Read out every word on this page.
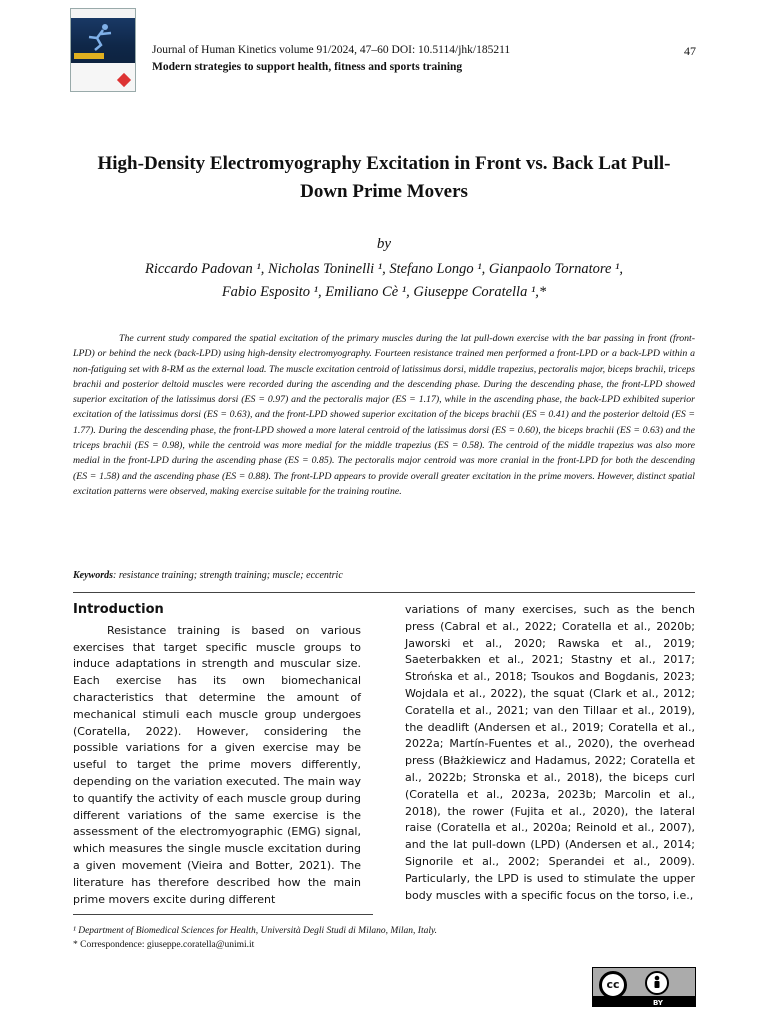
Journal of Human Kinetics volume 91/2024, 47–60 DOI: 10.5114/jhk/185211
Modern strategies to support health, fitness and sports training
47
High-Density Electromyography Excitation in Front vs. Back Lat Pull-Down Prime Movers
by
Riccardo Padovan ¹, Nicholas Toninelli ¹, Stefano Longo ¹, Gianpaolo Tornatore ¹,
Fabio Esposito ¹, Emiliano Cè ¹, Giuseppe Coratella ¹,*

The current study compared the spatial excitation of the primary muscles during the lat pull-down exercise with the bar passing in front (front-LPD) or behind the neck (back-LPD) using high-density electromyography. Fourteen resistance trained men performed a front-LPD or a back-LPD within a non-fatiguing set with 8-RM as the external load. The muscle excitation centroid of latissimus dorsi, middle trapezius, pectoralis major, biceps brachii, triceps brachii and posterior deltoid muscles were recorded during the ascending and the descending phase. During the descending phase, the front-LPD showed superior excitation of the latissimus dorsi (ES = 0.97) and the pectoralis major (ES = 1.17), while in the ascending phase, the back-LPD exhibited superior excitation of the latissimus dorsi (ES = 0.63), and the front-LPD showed superior excitation of the biceps brachii (ES = 0.41) and the posterior deltoid (ES = 1.77). During the descending phase, the front-LPD showed a more lateral centroid of the latissimus dorsi (ES = 0.60), the biceps brachii (ES = 0.63) and the triceps brachii (ES = 0.98), while the centroid was more medial for the middle trapezius (ES = 0.58). The centroid of the middle trapezius was also more medial in the front-LPD during the ascending phase (ES = 0.85). The pectoralis major centroid was more cranial in the front-LPD for both the descending (ES = 1.58) and the ascending phase (ES = 0.88). The front-LPD appears to provide overall greater excitation in the prime movers. However, distinct spatial excitation patterns were observed, making exercise suitable for the training routine.

Keywords: resistance training; strength training; muscle; eccentric
Introduction

Resistance training is based on various exercises that target specific muscle groups to induce adaptations in strength and muscular size. Each exercise has its own biomechanical characteristics that determine the amount of mechanical stimuli each muscle group undergoes (Coratella, 2022). However, considering the possible variations for a given exercise may be useful to target the prime movers differently, depending on the variation executed. The main way to quantify the activity of each muscle group during different variations of the same exercise is the assessment of the electromyographic (EMG) signal, which measures the single muscle excitation during a given movement (Vieira and Botter, 2021). The literature has therefore described how the main prime movers excite during different

variations of many exercises, such as the bench press (Cabral et al., 2022; Coratella et al., 2020b; Jaworski et al., 2020; Rawska et al., 2019; Saeterbakken et al., 2021; Stastny et al., 2017; Strońska et al., 2018; Tsoukos and Bogdanis, 2023; Wojdala et al., 2022), the squat (Clark et al., 2012; Coratella et al., 2021; van den Tillaar et al., 2019), the deadlift (Andersen et al., 2019; Coratella et al., 2022a; Martín-Fuentes et al., 2020), the overhead press (Błażkiewicz and Hadamus, 2022; Coratella et al., 2022b; Stronska et al., 2018), the biceps curl (Coratella et al., 2023a, 2023b; Marcolin et al., 2018), the rower (Fujita et al., 2020), the lateral raise (Coratella et al., 2020a; Reinold et al., 2007), and the lat pull-down (LPD) (Andersen et al., 2014; Signorile et al., 2002; Sperandei et al., 2009). Particularly, the LPD is used to stimulate the upper body muscles with a specific focus on the torso, i.e.,

¹ Department of Biomedical Sciences for Health, Università Degli Studi di Milano, Milan, Italy.
* Correspondence: giuseppe.coratella@unimi.it
cc
BY
